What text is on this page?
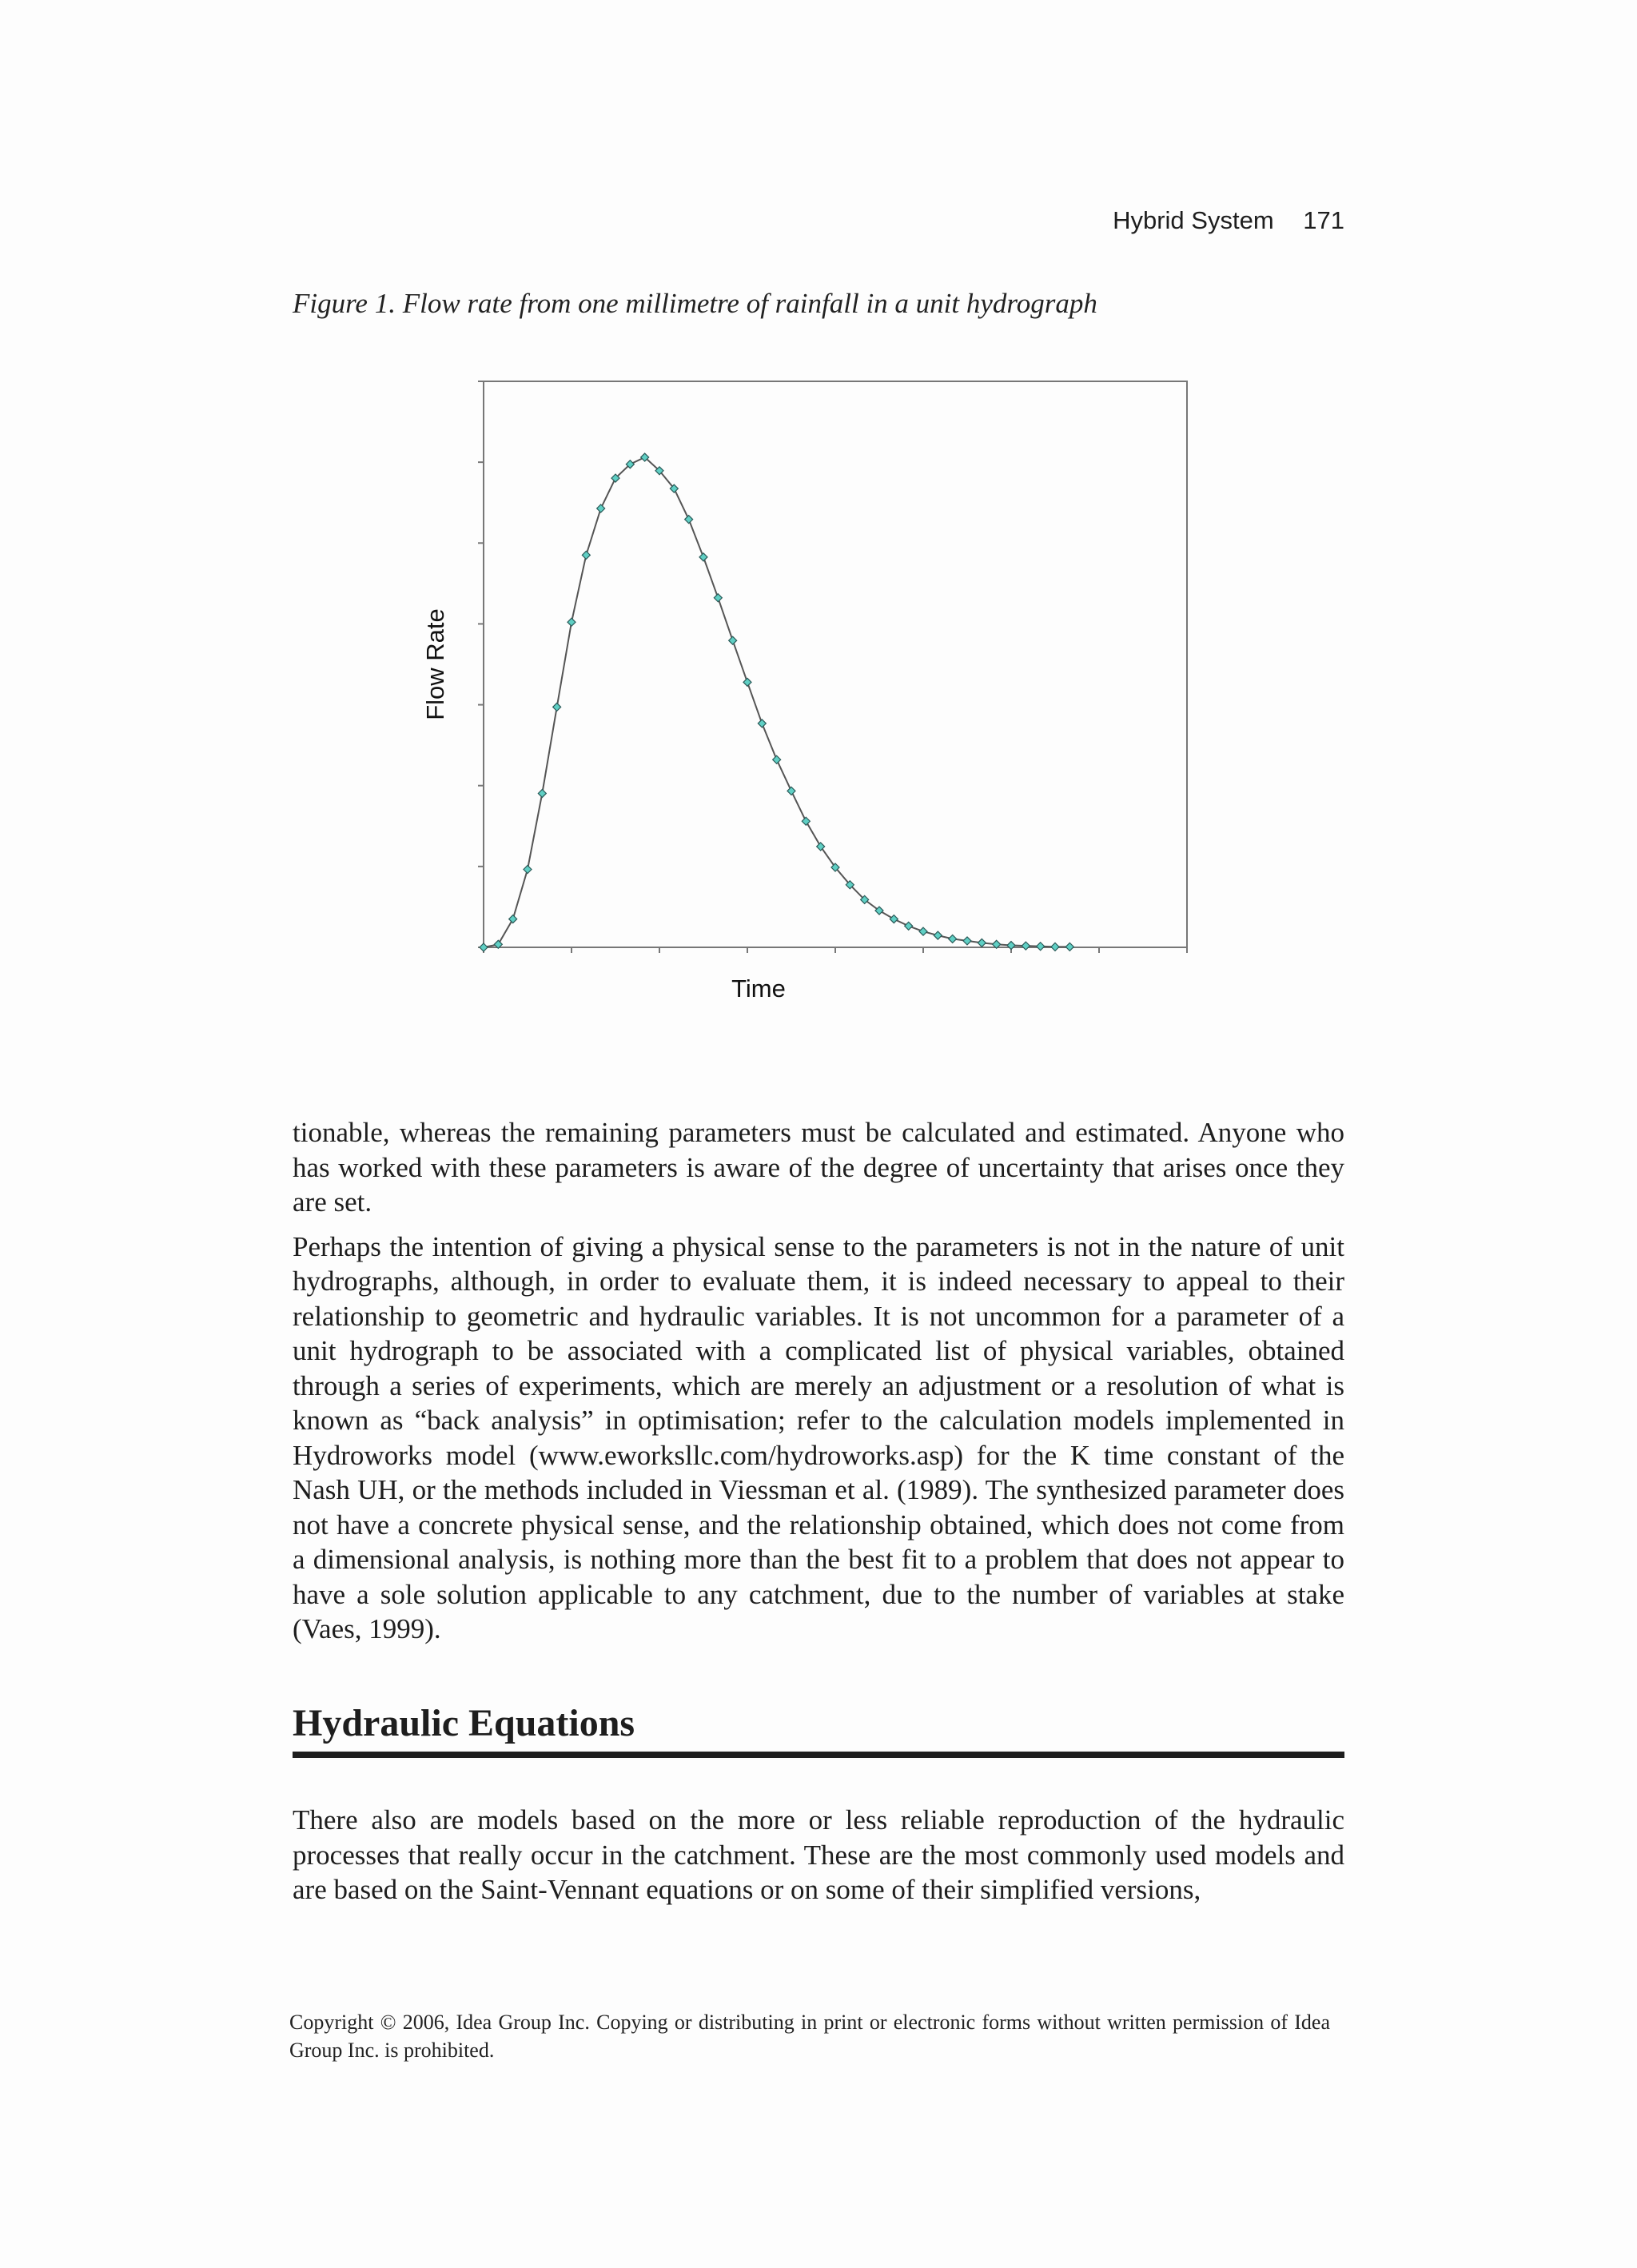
Hybrid System 171
Figure 1. Flow rate from one millimetre of rainfall in a unit hydrograph
Flow Rate
Time

tionable, whereas the remaining parameters must be calculated and estimated. Anyone who has worked with these parameters is aware of the degree of uncertainty that arises once they are set.

Perhaps the intention of giving a physical sense to the parameters is not in the nature of unit hydrographs, although, in order to evaluate them, it is indeed necessary to appeal to their relationship to geometric and hydraulic variables. It is not uncommon for a parameter of a unit hydrograph to be associated with a complicated list of physical variables, obtained through a series of experiments, which are merely an adjustment or a resolution of what is known as “back analysis” in optimisation; refer to the calculation models implemented in Hydroworks model (www.eworksllc.com/hydroworks.asp) for the K time constant of the Nash UH, or the methods included in Viessman et al. (1989). The synthesized parameter does not have a concrete physical sense, and the relationship obtained, which does not come from a dimensional analysis, is nothing more than the best fit to a problem that does not appear to have a sole solution applicable to any catchment, due to the number of variables at stake (Vaes, 1999).

Hydraulic Equations

There also are models based on the more or less reliable reproduction of the hydraulic processes that really occur in the catchment. These are the most commonly used models and are based on the Saint-Vennant equations or on some of their simplified versions,

Copyright © 2006, Idea Group Inc. Copying or distributing in print or electronic forms without written permission of Idea Group Inc. is prohibited.
